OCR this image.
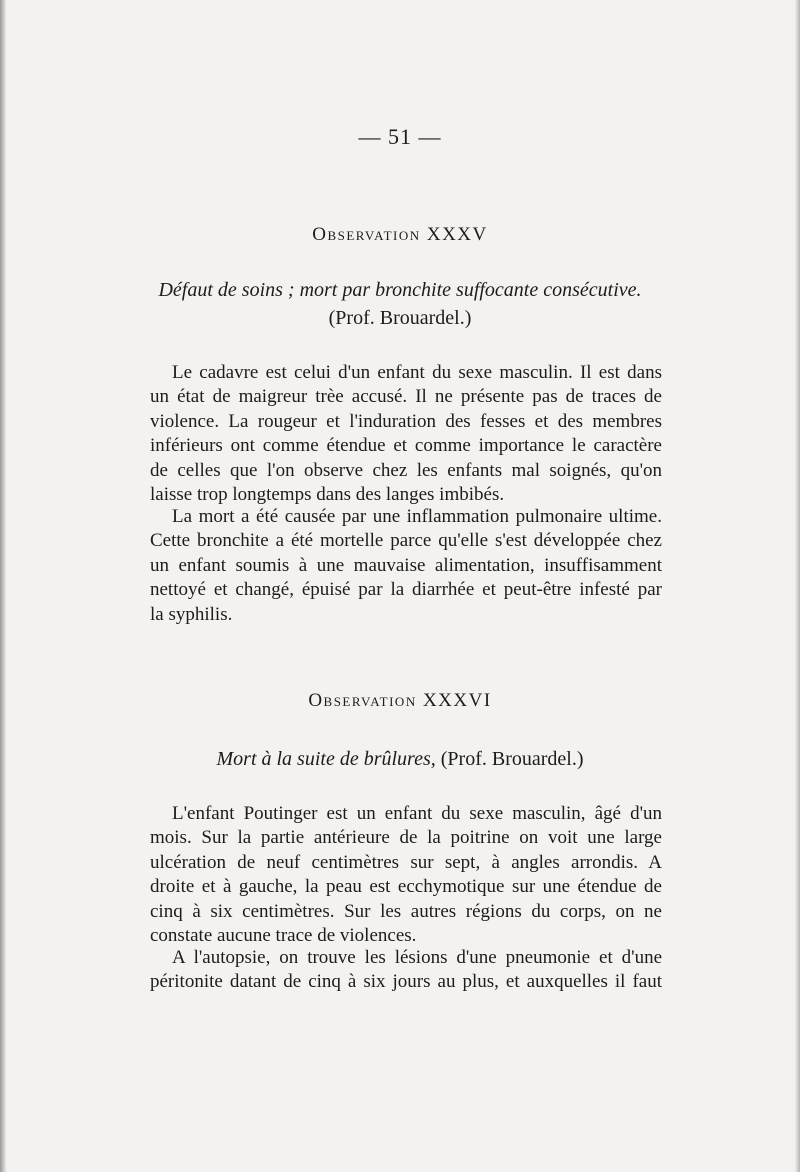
— 51 —
Observation XXXV
Défaut de soins ; mort par bronchite suffocante consécutive.
(Prof. Brouardel.)
Le cadavre est celui d'un enfant du sexe masculin. Il est dans
un état de maigreur trèe accusé. Il ne présente pas de traces de
violence. La rougeur et l'induration des fesses et des membres
inférieurs ont comme étendue et comme importance le caractère
de celles que l'on observe chez les enfants mal soignés, qu'on
laisse trop longtemps dans des langes imbibés.
La mort a été causée par une inflammation pulmonaire ultime.
Cette bronchite a été mortelle parce qu'elle s'est développée chez
un enfant soumis à une mauvaise alimentation, insuffisamment
nettoyé et changé, épuisé par la diarrhée et peut-être infesté par
la syphilis.
Observation XXXVI
Mort à la suite de brûlures, (Prof. Brouardel.)
L'enfant Poutinger est un enfant du sexe masculin, âgé d'un
mois. Sur la partie antérieure de la poitrine on voit une large
ulcération de neuf centimètres sur sept, à angles arrondis. A
droite et à gauche, la peau est ecchymotique sur une étendue de
cinq à six centimètres. Sur les autres régions du corps, on ne
constate aucune trace de violences.
A l'autopsie, on trouve les lésions d'une pneumonie et d'une
péritonite datant de cinq à six jours au plus, et auxquelles il faut
